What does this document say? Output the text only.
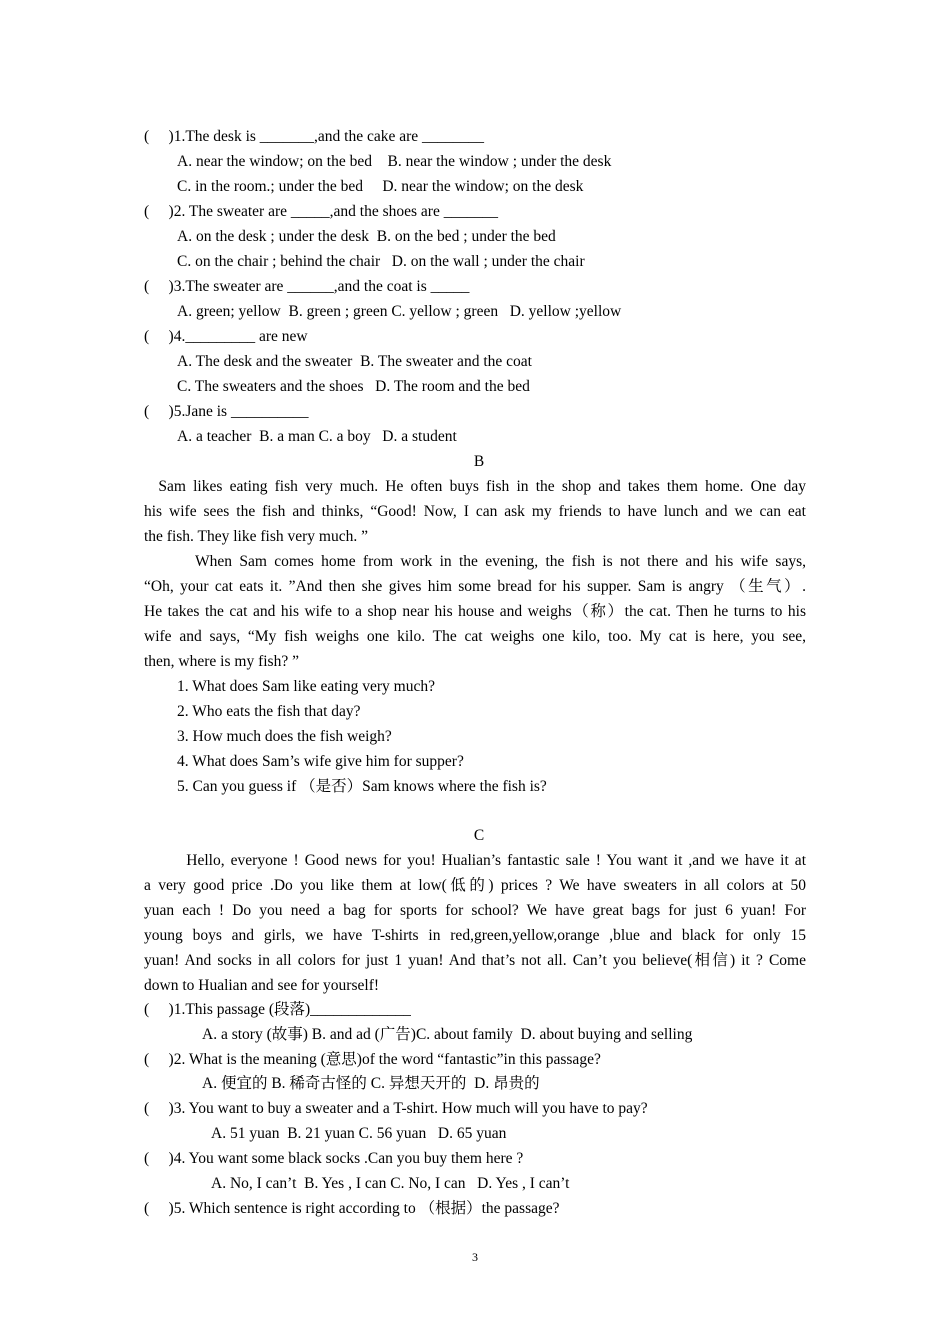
(     )1.The desk is _______,and the cake are ________
A. near the window; on the bed    B. near the window ; under the desk
C. in the room.; under the bed     D. near the window; on the desk
(     )2. The sweater are _____,and the shoes are _______
A. on the desk ; under the desk  B. on the bed ; under the bed
C. on the chair ; behind the chair   D. on the wall ; under the chair
(     )3.The sweater are ______,and the coat is _____
A. green; yellow  B. green ; green C. yellow ; green   D. yellow ;yellow
(     )4._________ are new
A. The desk and the sweater  B. The sweater and the coat
C. The sweaters and the shoes   D. The room and the bed
(     )5.Jane is __________
A. a teacher  B. a man C. a boy   D. a student
B
Sam likes eating fish very much. He often buys fish in the shop and takes them home. One day
his wife sees the fish and thinks, “Good! Now, I can ask my friends to have lunch and we can eat
the fish. They like fish very much. ”
When Sam comes home from work in the evening, the fish is not there and his wife says,
“Oh, your cat eats it. ”And then she gives him some bread for his supper. Sam is angry （生气）.
He takes the cat and his wife to a shop near his house and weighs（称）the cat. Then he turns to his
wife and says, “My fish weighs one kilo. The cat weighs one kilo, too. My cat is here, you see,
then, where is my fish? ”
1. What does Sam like eating very much?
2. Who eats the fish that day?
3. How much does the fish weigh?
4. What does Sam’s wife give him for supper?
5. Can you guess if （是否）Sam knows where the fish is?
C
Hello, everyone ! Good news for you! Hualian’s fantastic sale ! You want it ,and we have it at
a very good price .Do you like them at low(低的) prices ? We have sweaters in all colors at 50
yuan each ! Do you need a bag for sports for school? We have great bags for just 6 yuan! For
young boys and girls, we have T-shirts in red,green,yellow,orange ,blue and black for only 15
yuan! And socks in all colors for just 1 yuan! And that’s not all. Can’t you believe(相信) it ? Come
down to Hualian and see for yourself!
(     )1.This passage (段落)_____________
A. a story (故事) B. and ad (广告)C. about family  D. about buying and selling
(     )2. What is the meaning (意思)of the word “fantastic”in this passage?
A. 便宜的 B. 稀奇古怪的 C. 异想天开的  D. 昂贵的
(     )3. You want to buy a sweater and a T-shirt. How much will you have to pay?
A. 51 yuan  B. 21 yuan C. 56 yuan   D. 65 yuan
(     )4. You want some black socks .Can you buy them here ?
A. No, I can’t  B. Yes , I can C. No, I can   D. Yes , I can’t
(     )5. Which sentence is right according to （根据）the passage?
3
